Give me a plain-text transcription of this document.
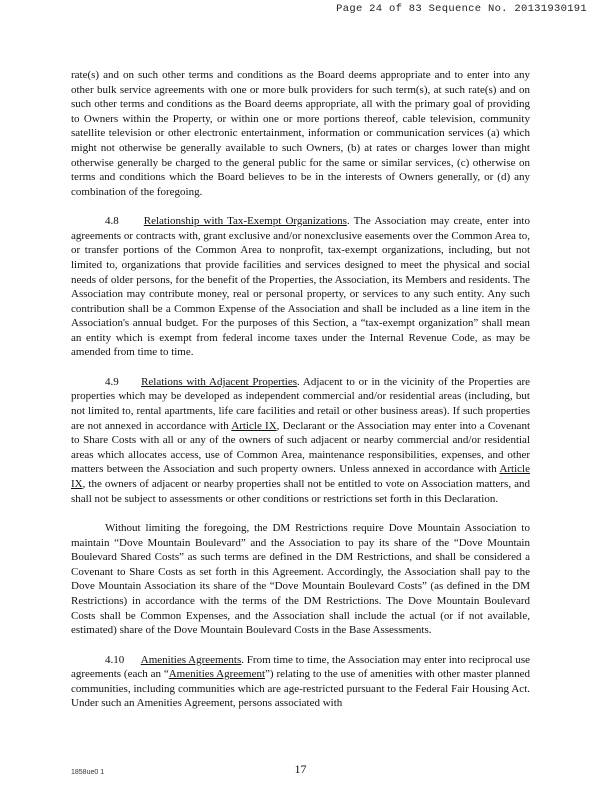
Page 24 of 83 Sequence No. 20131930191

rate(s) and on such other terms and conditions as the Board deems appropriate and to enter into any other bulk service agreements with one or more bulk providers for such term(s), at such rate(s) and on such other terms and conditions as the Board deems appropriate, all with the primary goal of providing to Owners within the Property, or within one or more portions thereof, cable television, community satellite television or other electronic entertainment, information or communication services (a) which might not otherwise be generally available to such Owners, (b) at rates or charges lower than might otherwise generally be charged to the general public for the same or similar services, (c) otherwise on terms and conditions which the Board believes to be in the interests of Owners generally, or (d) any combination of the foregoing.

4.8 Relationship with Tax-Exempt Organizations. The Association may create, enter into agreements or contracts with, grant exclusive and/or nonexclusive easements over the Common Area to, or transfer portions of the Common Area to nonprofit, tax-exempt organizations, including, but not limited to, organizations that provide facilities and services designed to meet the physical and social needs of older persons, for the benefit of the Properties, the Association, its Members and residents. The Association may contribute money, real or personal property, or services to any such entity. Any such contribution shall be a Common Expense of the Association and shall be included as a line item in the Association's annual budget. For the purposes of this Section, a “tax-exempt organization” shall mean an entity which is exempt from federal income taxes under the Internal Revenue Code, as may be amended from time to time.

4.9 Relations with Adjacent Properties. Adjacent to or in the vicinity of the Properties are properties which may be developed as independent commercial and/or residential areas (including, but not limited to, rental apartments, life care facilities and retail or other business areas). If such properties are not annexed in accordance with Article IX, Declarant or the Association may enter into a Covenant to Share Costs with all or any of the owners of such adjacent or nearby commercial and/or residential areas which allocates access, use of Common Area, maintenance responsibilities, expenses, and other matters between the Association and such property owners. Unless annexed in accordance with Article IX, the owners of adjacent or nearby properties shall not be entitled to vote on Association matters, and shall not be subject to assessments or other conditions or restrictions set forth in this Declaration.

Without limiting the foregoing, the DM Restrictions require Dove Mountain Association to maintain “Dove Mountain Boulevard” and the Association to pay its share of the “Dove Mountain Boulevard Shared Costs” as such terms are defined in the DM Restrictions, and shall be considered a Covenant to Share Costs as set forth in this Agreement. Accordingly, the Association shall pay to the Dove Mountain Association its share of the “Dove Mountain Boulevard Costs” (as defined in the DM Restrictions) in accordance with the terms of the DM Restrictions. The Dove Mountain Boulevard Costs shall be Common Expenses, and the Association shall include the actual (or if not available, estimated) share of the Dove Mountain Boulevard Costs in the Base Assessments.

4.10 Amenities Agreements. From time to time, the Association may enter into reciprocal use agreements (each an “Amenities Agreement”) relating to the use of amenities with other master planned communities, including communities which are age-restricted pursuant to the Federal Fair Housing Act. Under such an Amenities Agreement, persons associated with

1858ue0 1	17
